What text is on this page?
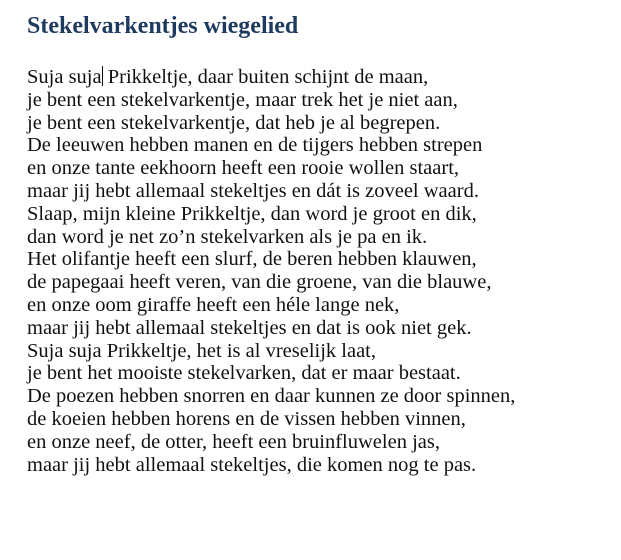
Stekelvarkentjes wiegelied
Suja suja Prikkeltje, daar buiten schijnt de maan,
je bent een stekelvarkentje, maar trek het je niet aan,
je bent een stekelvarkentje, dat heb je al begrepen.
De leeuwen hebben manen en de tijgers hebben strepen
en onze tante eekhoorn heeft een rooie wollen staart,
maar jij hebt allemaal stekeltjes en dát is zoveel waard.
Slaap, mijn kleine Prikkeltje, dan word je groot en dik,
dan word je net zo’n stekelvarken als je pa en ik.
Het olifantje heeft een slurf, de beren hebben klauwen,
de papegaai heeft veren, van die groene, van die blauwe,
en onze oom giraffe heeft een héle lange nek,
maar jij hebt allemaal stekeltjes en dat is ook niet gek.
Suja suja Prikkeltje, het is al vreselijk laat,
je bent het mooiste stekelvarken, dat er maar bestaat.
De poezen hebben snorren en daar kunnen ze door spinnen,
de koeien hebben horens en de vissen hebben vinnen,
en onze neef, de otter, heeft een bruinfluwelen jas,
maar jij hebt allemaal stekeltjes, die komen nog te pas.
